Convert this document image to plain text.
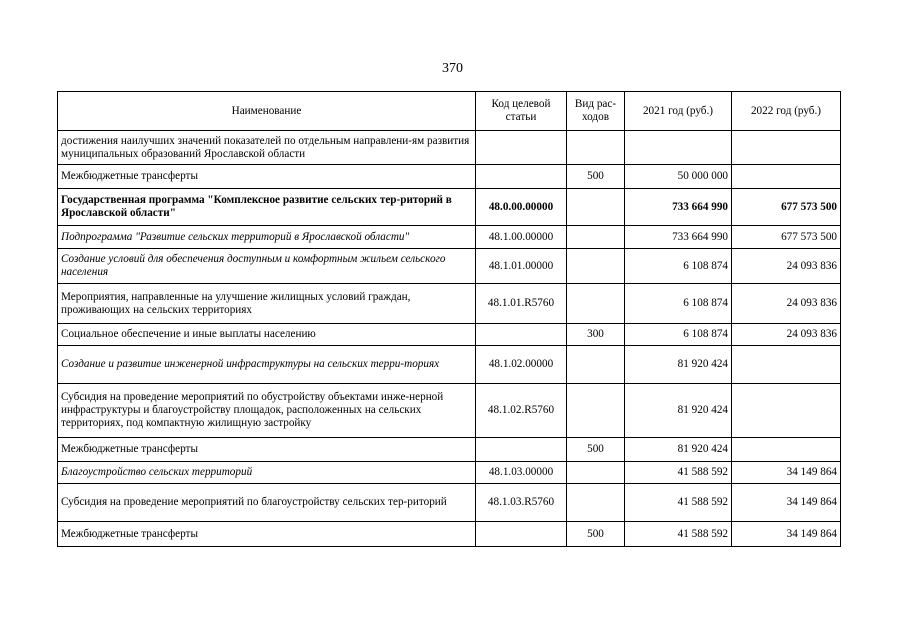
370
Наименование	Код целевой статьи	Вид рас-ходов	2021 год (руб.)	2022 год (руб.)
достижения наилучших значений показателей по отдельным направлени-ям развития муниципальных образований Ярославской области				
Межбюджетные трансферты		500	50 000 000	
Государственная программа "Комплексное развитие сельских тер-риторий в Ярославской области"	48.0.00.00000		733 664 990	677 573 500
Подпрограмма "Развитие сельских территорий в Ярославской области"	48.1.00.00000		733 664 990	677 573 500
Создание условий для обеспечения доступным и комфортным жильем сельского населения	48.1.01.00000		6 108 874	24 093 836
Мероприятия, направленные на улучшение жилищных условий граждан, проживающих на сельских территориях	48.1.01.R5760		6 108 874	24 093 836
Социальное обеспечение и иные выплаты населению		300	6 108 874	24 093 836
Создание и развитие инженерной инфраструктуры на сельских терри-ториях	48.1.02.00000		81 920 424	
Субсидия на проведение мероприятий по обустройству объектами инже-нерной инфраструктуры и благоустройству площадок, расположенных на сельских территориях, под компактную жилищную застройку	48.1.02.R5760		81 920 424	
Межбюджетные трансферты		500	81 920 424	
Благоустройство сельских территорий	48.1.03.00000		41 588 592	34 149 864
Субсидия на проведение мероприятий по благоустройству сельских тер-риторий	48.1.03.R5760		41 588 592	34 149 864
Межбюджетные трансферты		500	41 588 592	34 149 864
